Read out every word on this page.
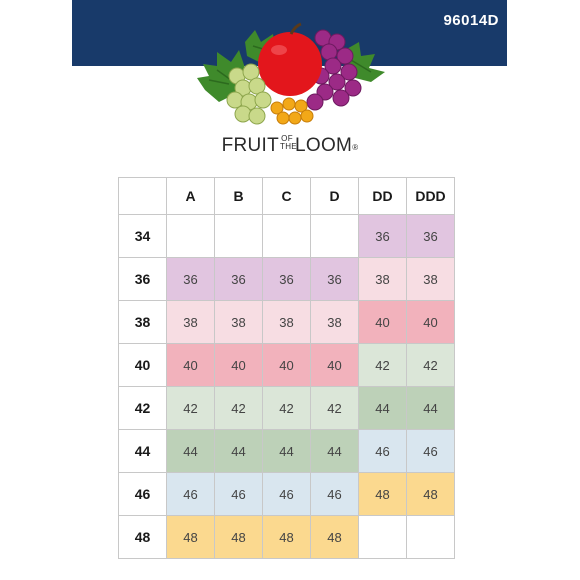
96014D
FRUIT OF
THELOOM®
	A	B	C	D	DD	DDD
34					36	36
36	36	36	36	36	38	38
38	38	38	38	38	40	40
40	40	40	40	40	42	42
42	42	42	42	42	44	44
44	44	44	44	44	46	46
46	46	46	46	46	48	48
48	48	48	48	48		
